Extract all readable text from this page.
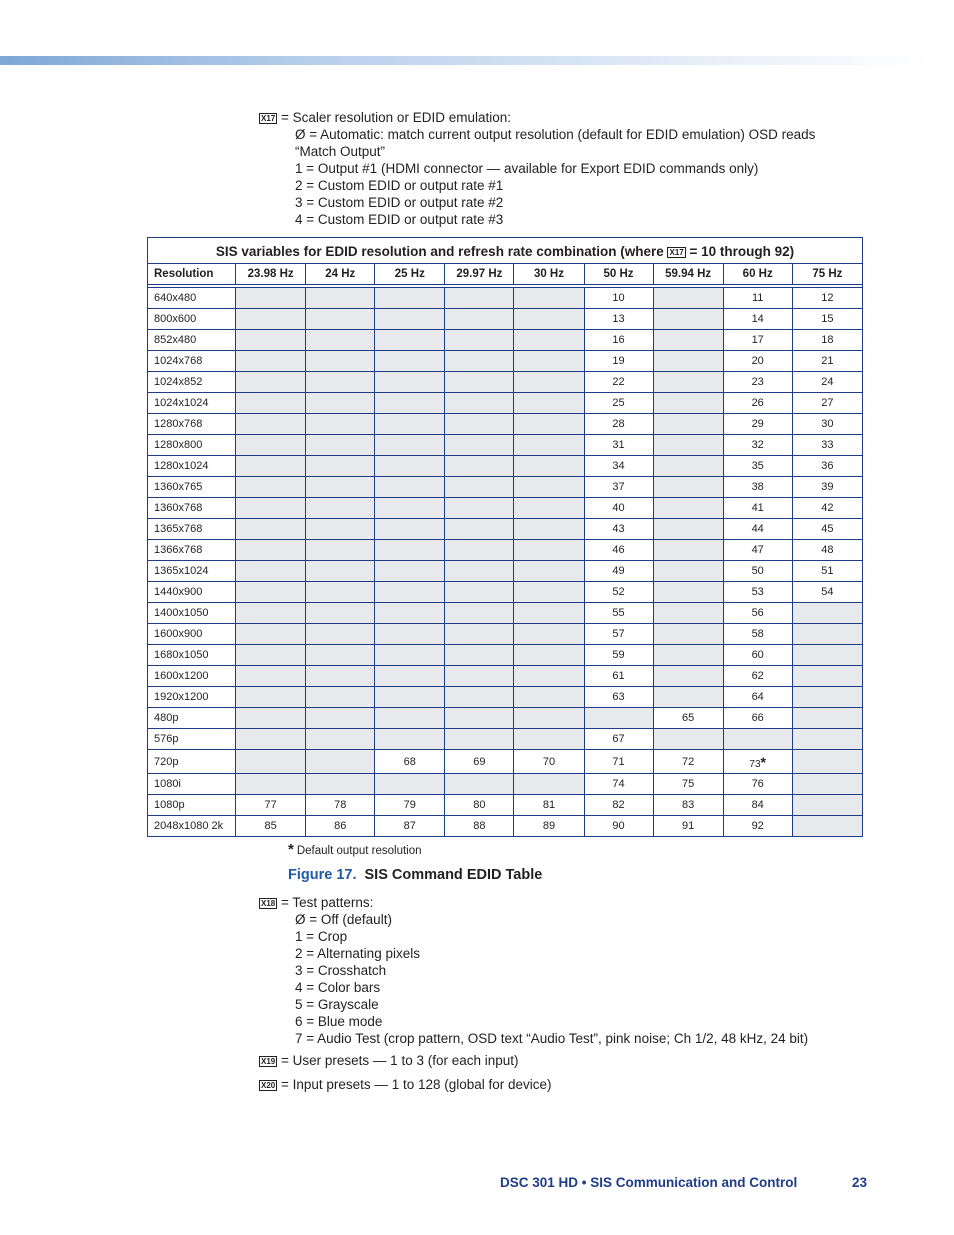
X17 = Scaler resolution or EDID emulation:
Ø = Automatic: match current output resolution (default for EDID emulation) OSD reads
“Match Output”
1 = Output #1 (HDMI connector — available for Export EDID commands only)
2 = Custom EDID or output rate #1
3 = Custom EDID or output rate #2
4 = Custom EDID or output rate #3
SIS variables for EDID resolution and refresh rate combination (where X17 = 10 through 92)									
Resolution	23.98 Hz	24 Hz	25 Hz	29.97 Hz	30 Hz	50 Hz	59.94 Hz	60 Hz	75 Hz

640x480						10		11	12
800x600						13		14	15
852x480						16		17	18
1024x768						19		20	21
1024x852						22		23	24
1024x1024						25		26	27
1280x768						28		29	30
1280x800						31		32	33
1280x1024						34		35	36
1360x765						37		38	39
1360x768						40		41	42
1365x768						43		44	45
1366x768						46		47	48
1365x1024						49		50	51
1440x900						52		53	54
1400x1050						55		56	
1600x900						57		58	
1680x1050						59		60	
1600x1200						61		62	
1920x1200						63		64	
480p							65	66	
576p						67			
720p			68	69	70	71	72	73*	
1080i						74	75	76	
1080p	77	78	79	80	81	82	83	84	
2048x1080 2k	85	86	87	88	89	90	91	92	
* Default output resolution
Figure 17. SIS Command EDID Table
X18 = Test patterns:
Ø = Off (default)
1 = Crop
2 = Alternating pixels
3 = Crosshatch
4 = Color bars
5 = Grayscale
6 = Blue mode
7 = Audio Test (crop pattern, OSD text “Audio Test”, pink noise; Ch 1/2, 48 kHz, 24 bit)
X19 = User presets — 1 to 3 (for each input)
X20 = Input presets — 1 to 128 (global for device)
DSC 301 HD • SIS Communication and Control	23
